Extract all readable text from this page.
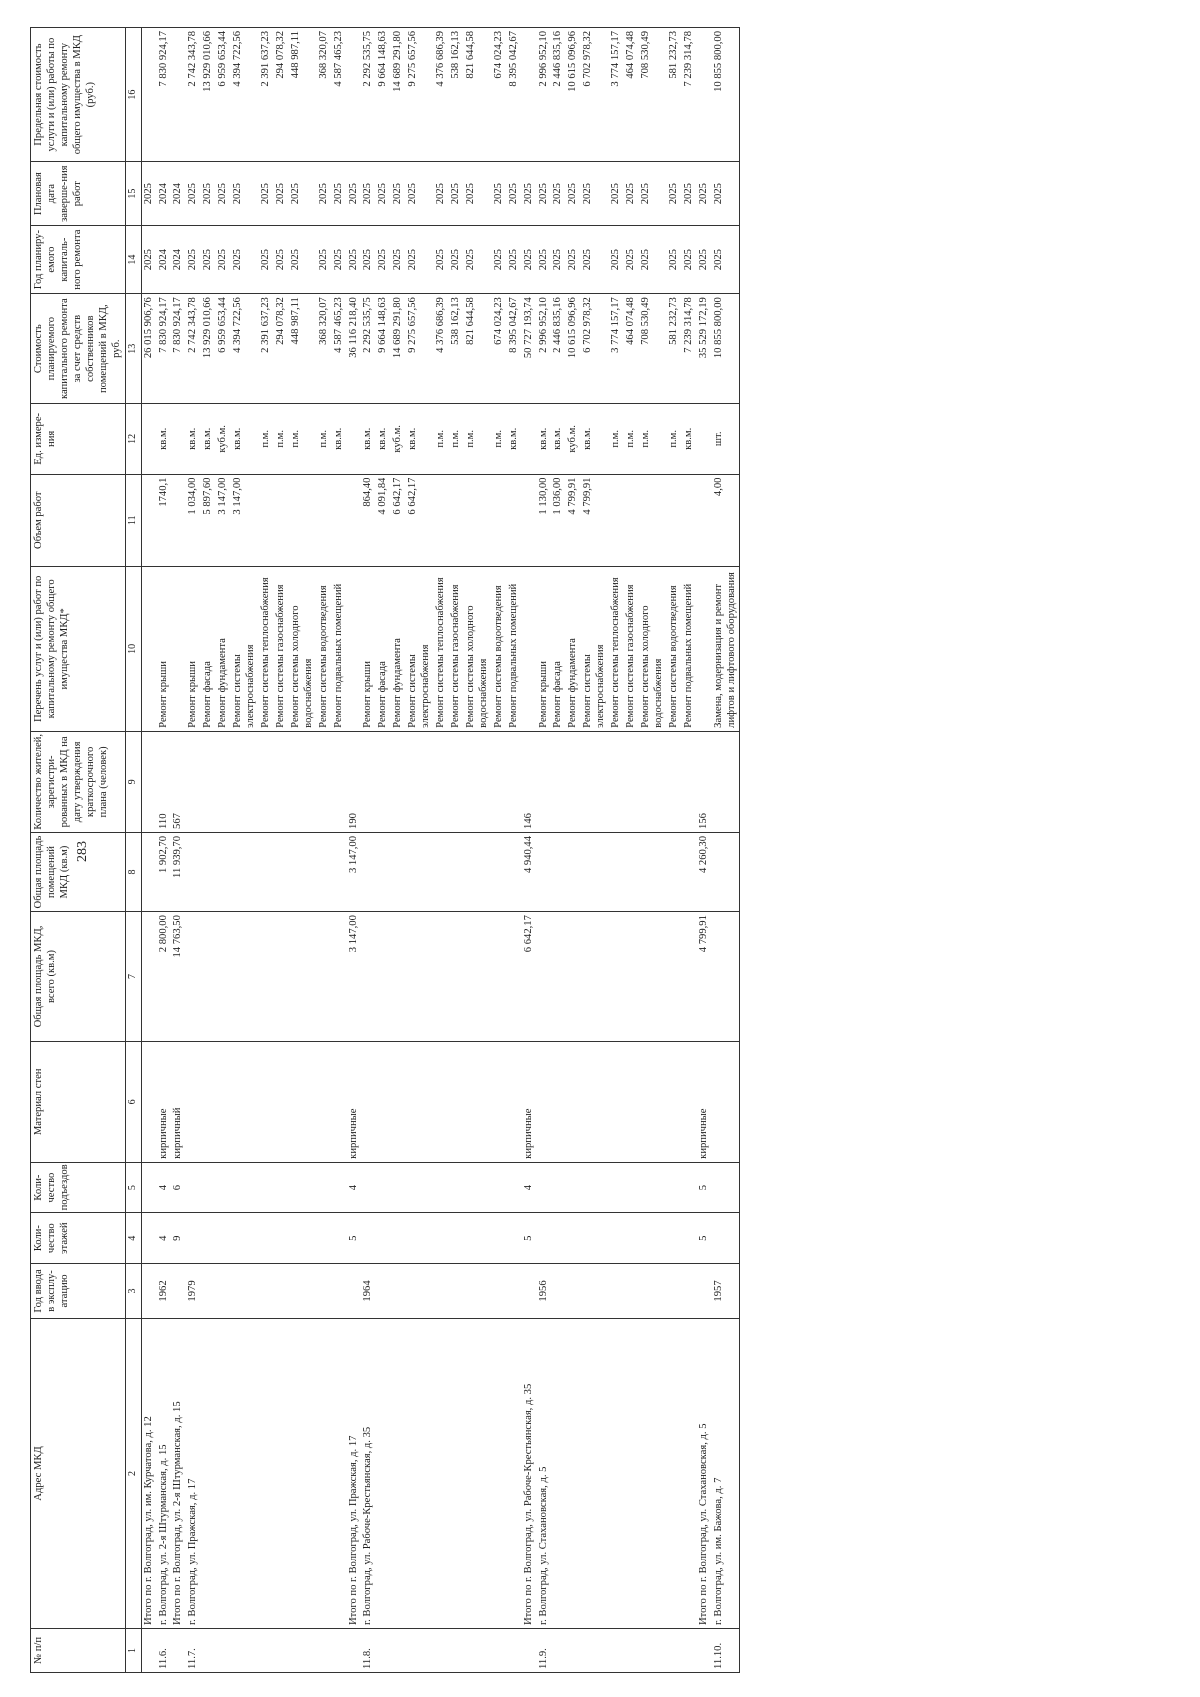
283
№ п/п	Адрес МКД	Год ввода в эксплу-атацию	Коли-чество этажей	Коли-чество подъездов	Материал стен	Общая площадь МКД, всего (кв.м)	Общая площадь помещений МКД (кв.м)	Количество жителей, зарегистри-рованных в МКД на дату утверждения краткосрочного плана (человек)	Перечень услуг и (или) работ по капитальному ремонту общего имущества МКД*	Объем работ	Ед. измере-ния	Стоимость планируемого капитального ремонта за счет средств собственников помещений в МКД, руб.	Год планиру-емого капиталь-ного ремонта	Плановая дата заверше-ния работ	Предельная стоимость услуги и (или) работы по капитальному ремонту общего имущества в МКД (руб.)
1	2	3	4	5	6	7	8	9	10	11	12	13	14	15	16

	Итого по г. Волгоград, ул. им. Курчатова, д. 12											26 015 906,76	2025	2025	

11.6.	г. Волгоград, ул. 2-я Штурманская, д. 15	1962	4	4	кирпичные	2 800,00	1 902,70	110	Ремонт крыши	1740,1	кв.м.	7 830 924,17	2024	2024	7 830 924,17

	Итого по г. Волгоград, ул. 2-я Штурманская, д. 15		9	6	кирпичный	14 763,50	11 939,70	567				7 830 924,17	2024	2024	

11.7.	г. Волгоград, ул. Пражская, д. 17	1979							Ремонт крыши	1 034,00	кв.м.	2 742 343,78	2025	2025	2 742 343,78

									Ремонт фасада	5 897,60	кв.м.	13 929 010,66	2025	2025	13 929 010,66

									Ремонт фундамента	3 147,00	куб.м.	6 959 653,44	2025	2025	6 959 653,44

									Ремонт системы электроснабжения	3 147,00	кв.м.	4 394 722,56	2025	2025	4 394 722,56

									Ремонт системы теплоснабжения		п.м.	2 391 637,23	2025	2025	2 391 637,23

									Ремонт системы газоснабжения		п.м.	294 078,32	2025	2025	294 078,32

									Ремонт системы холодного водоснабжения		п.м.	448 987,11	2025	2025	448 987,11

									Ремонт системы водоотведения		п.м.	368 320,07	2025	2025	368 320,07

									Ремонт подвальных помещений		кв.м.	4 587 465,23	2025	2025	4 587 465,23

	Итого по г. Волгоград, ул. Пражская, д. 17		5	4	кирпичные	3 147,00	3 147,00	190				36 116 218,40	2025	2025	

11.8.	г. Волгоград, ул. Рабоче-Крестьянская, д. 35	1964							Ремонт крыши	864,40	кв.м.	2 292 535,75	2025	2025	2 292 535,75

									Ремонт фасада	4 091,84	кв.м.	9 664 148,63	2025	2025	9 664 148,63

									Ремонт фундамента	6 642,17	куб.м.	14 689 291,80	2025	2025	14 689 291,80

									Ремонт системы электроснабжения	6 642,17	кв.м.	9 275 657,56	2025	2025	9 275 657,56

									Ремонт системы теплоснабжения		п.м.	4 376 686,39	2025	2025	4 376 686,39

									Ремонт системы газоснабжения		п.м.	538 162,13	2025	2025	538 162,13

									Ремонт системы холодного водоснабжения		п.м.	821 644,58	2025	2025	821 644,58

									Ремонт системы водоотведения		п.м.	674 024,23	2025	2025	674 024,23

									Ремонт подвальных помещений		кв.м.	8 395 042,67	2025	2025	8 395 042,67

	Итого по г. Волгоград, ул. Рабоче-Крестьянская, д. 35		5	4	кирпичные	6 642,17	4 940,44	146				50 727 193,74	2025	2025	

11.9.	г. Волгоград, ул. Стахановская, д. 5	1956							Ремонт крыши	1 130,00	кв.м.	2 996 952,10	2025	2025	2 996 952,10

									Ремонт фасада	1 036,00	кв.м.	2 446 835,16	2025	2025	2 446 835,16

									Ремонт фундамента	4 799,91	куб.м.	10 615 096,96	2025	2025	10 615 096,96

									Ремонт системы электроснабжения	4 799,91	кв.м.	6 702 978,32	2025	2025	6 702 978,32

									Ремонт системы теплоснабжения		п.м.	3 774 157,17	2025	2025	3 774 157,17

									Ремонт системы газоснабжения		п.м.	464 074,48	2025	2025	464 074,48

									Ремонт системы холодного водоснабжения		п.м.	708 530,49	2025	2025	708 530,49

									Ремонт системы водоотведения		п.м.	581 232,73	2025	2025	581 232,73

									Ремонт подвальных помещений		кв.м.	7 239 314,78	2025	2025	7 239 314,78

	Итого по г. Волгоград, ул. Стахановская, д. 5		5	5	кирпичные	4 799,91	4 260,30	156				35 529 172,19	2025	2025	

11.10.	г. Волгоград, ул. им. Бажова, д. 7	1957							Замена, модернизация и ремонт лифтов и лифтового оборудования	4,00	шт.	10 855 800,00	2025	2025	10 855 800,00
